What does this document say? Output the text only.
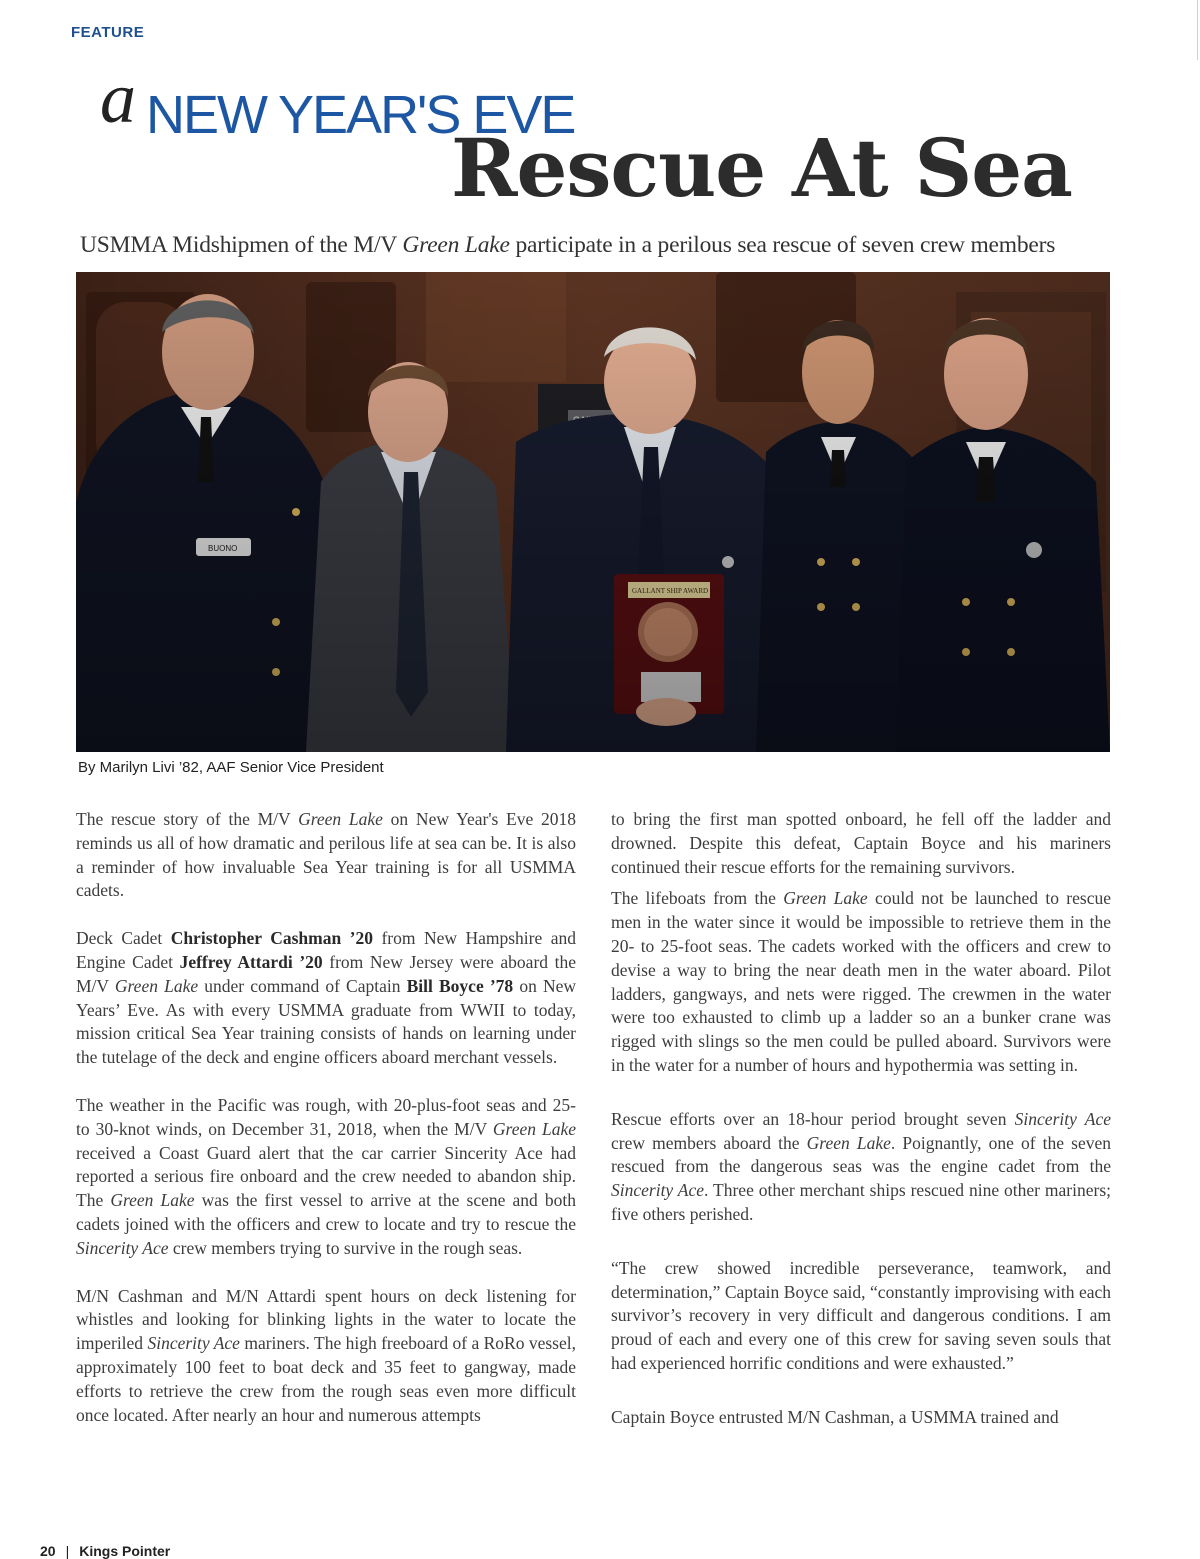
FEATURE
a NEW YEAR'S EVE
Rescue At Sea
USMMA Midshipmen of the M/V Green Lake participate in a perilous sea rescue of seven crew members
By Marilyn Livi ’82, AAF Senior Vice President

The rescue story of the M/V Green Lake on New Year's Eve 2018 reminds us all of how dramatic and perilous life at sea can be. It is also a reminder of how invaluable Sea Year training is for all USMMA cadets.

Deck Cadet Christopher Cashman ’20 from New Hampshire and Engine Cadet Jeffrey Attardi ’20 from New Jersey were aboard the M/V Green Lake under command of Captain Bill Boyce ’78 on New Years’ Eve. As with every USMMA graduate from WWII to today, mission critical Sea Year training consists of hands on learning under the tutelage of the deck and engine officers aboard merchant vessels.

The weather in the Pacific was rough, with 20-plus-foot seas and 25- to 30-knot winds, on December 31, 2018, when the M/V Green Lake received a Coast Guard alert that the car carrier Sincerity Ace had reported a serious fire onboard and the crew needed to abandon ship. The Green Lake was the first vessel to arrive at the scene and both cadets joined with the officers and crew to locate and try to rescue the Sincerity Ace crew members trying to survive in the rough seas.

M/N Cashman and M/N Attardi spent hours on deck listening for whistles and looking for blinking lights in the water to locate the imperiled Sincerity Ace mariners. The high freeboard of a RoRo vessel, approximately 100 feet to boat deck and 35 feet to gangway, made efforts to retrieve the crew from the rough seas even more difficult once located. After nearly an hour and numerous attempts

to bring the first man spotted onboard, he fell off the ladder and drowned. Despite this defeat, Captain Boyce and his mariners continued their rescue efforts for the remaining survivors.

The lifeboats from the Green Lake could not be launched to rescue men in the water since it would be impossible to retrieve them in the 20- to 25-foot seas. The cadets worked with the officers and crew to devise a way to bring the near death men in the water aboard. Pilot ladders, gangways, and nets were rigged. The crewmen in the water were too exhausted to climb up a ladder so an a bunker crane was rigged with slings so the men could be pulled aboard. Survivors were in the water for a number of hours and hypothermia was setting in.

Rescue efforts over an 18-hour period brought seven Sincerity Ace crew members aboard the Green Lake. Poignantly, one of the seven rescued from the dangerous seas was the engine cadet from the Sincerity Ace. Three other merchant ships rescued nine other mariners; five others perished.

“The crew showed incredible perseverance, teamwork, and determination,” Captain Boyce said, “constantly improvising with each survivor’s recovery in very difficult and dangerous conditions. I am proud of each and every one of this crew for saving seven souls that had experienced horrific conditions and were exhausted.”

Captain Boyce entrusted M/N Cashman, a USMMA trained and

20 | Kings Pointer
